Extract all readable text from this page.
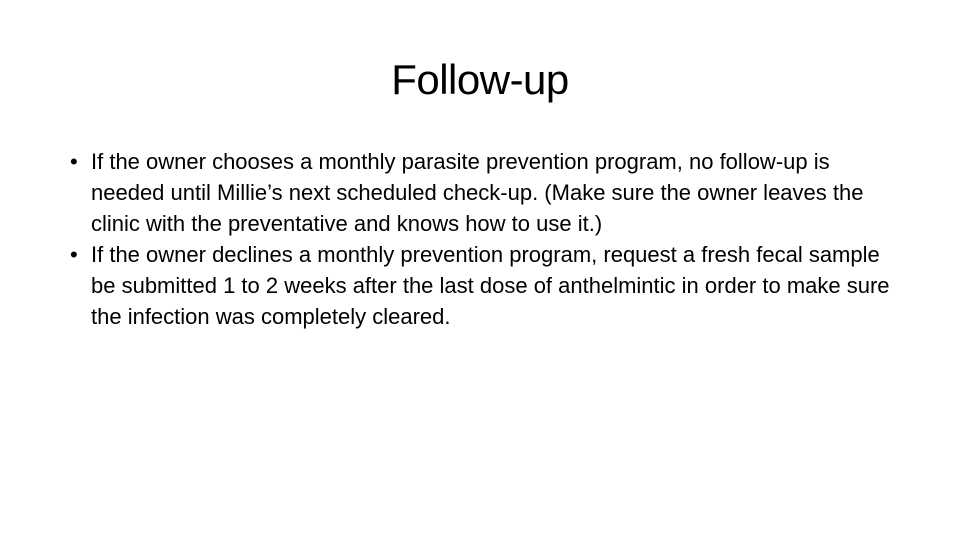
Follow-up
• If the owner chooses a monthly parasite prevention program, no follow-up is needed until Millie’s next scheduled check-up. (Make sure the owner leaves the clinic with the preventative and knows how to use it.)
• If the owner declines a monthly prevention program, request a fresh fecal sample be submitted 1 to 2 weeks after the last dose of anthelmintic in order to make sure the infection was completely cleared.
